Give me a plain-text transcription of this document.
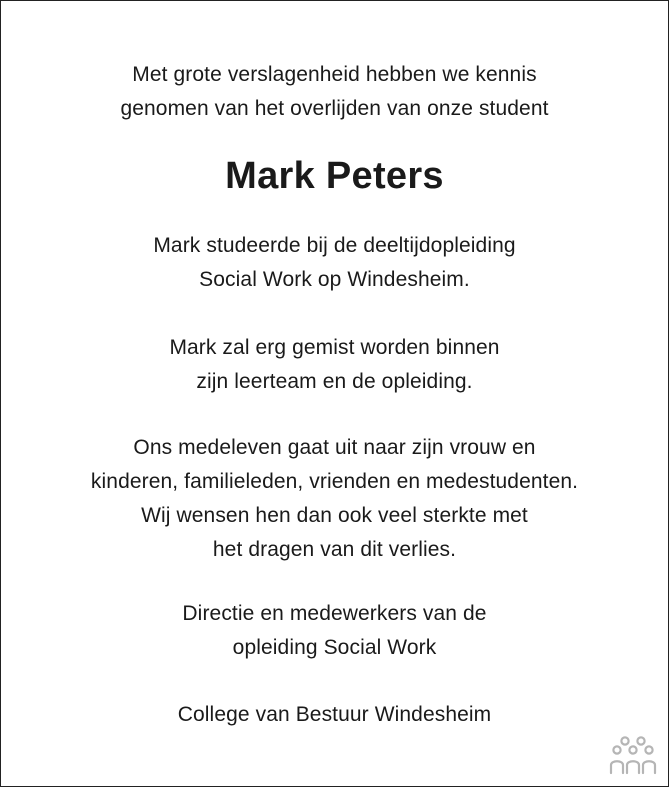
Met grote verslagenheid hebben we kennis
genomen van het overlijden van onze student
Mark Peters
Mark studeerde bij de deeltijdopleiding
Social Work op Windesheim.
Mark zal erg gemist worden binnen
zijn leerteam en de opleiding.
Ons medeleven gaat uit naar zijn vrouw en
kinderen, familieleden, vrienden en medestudenten.
Wij wensen hen dan ook veel sterkte met
het dragen van dit verlies.
Directie en medewerkers van de
opleiding Social Work
College van Bestuur Windesheim
